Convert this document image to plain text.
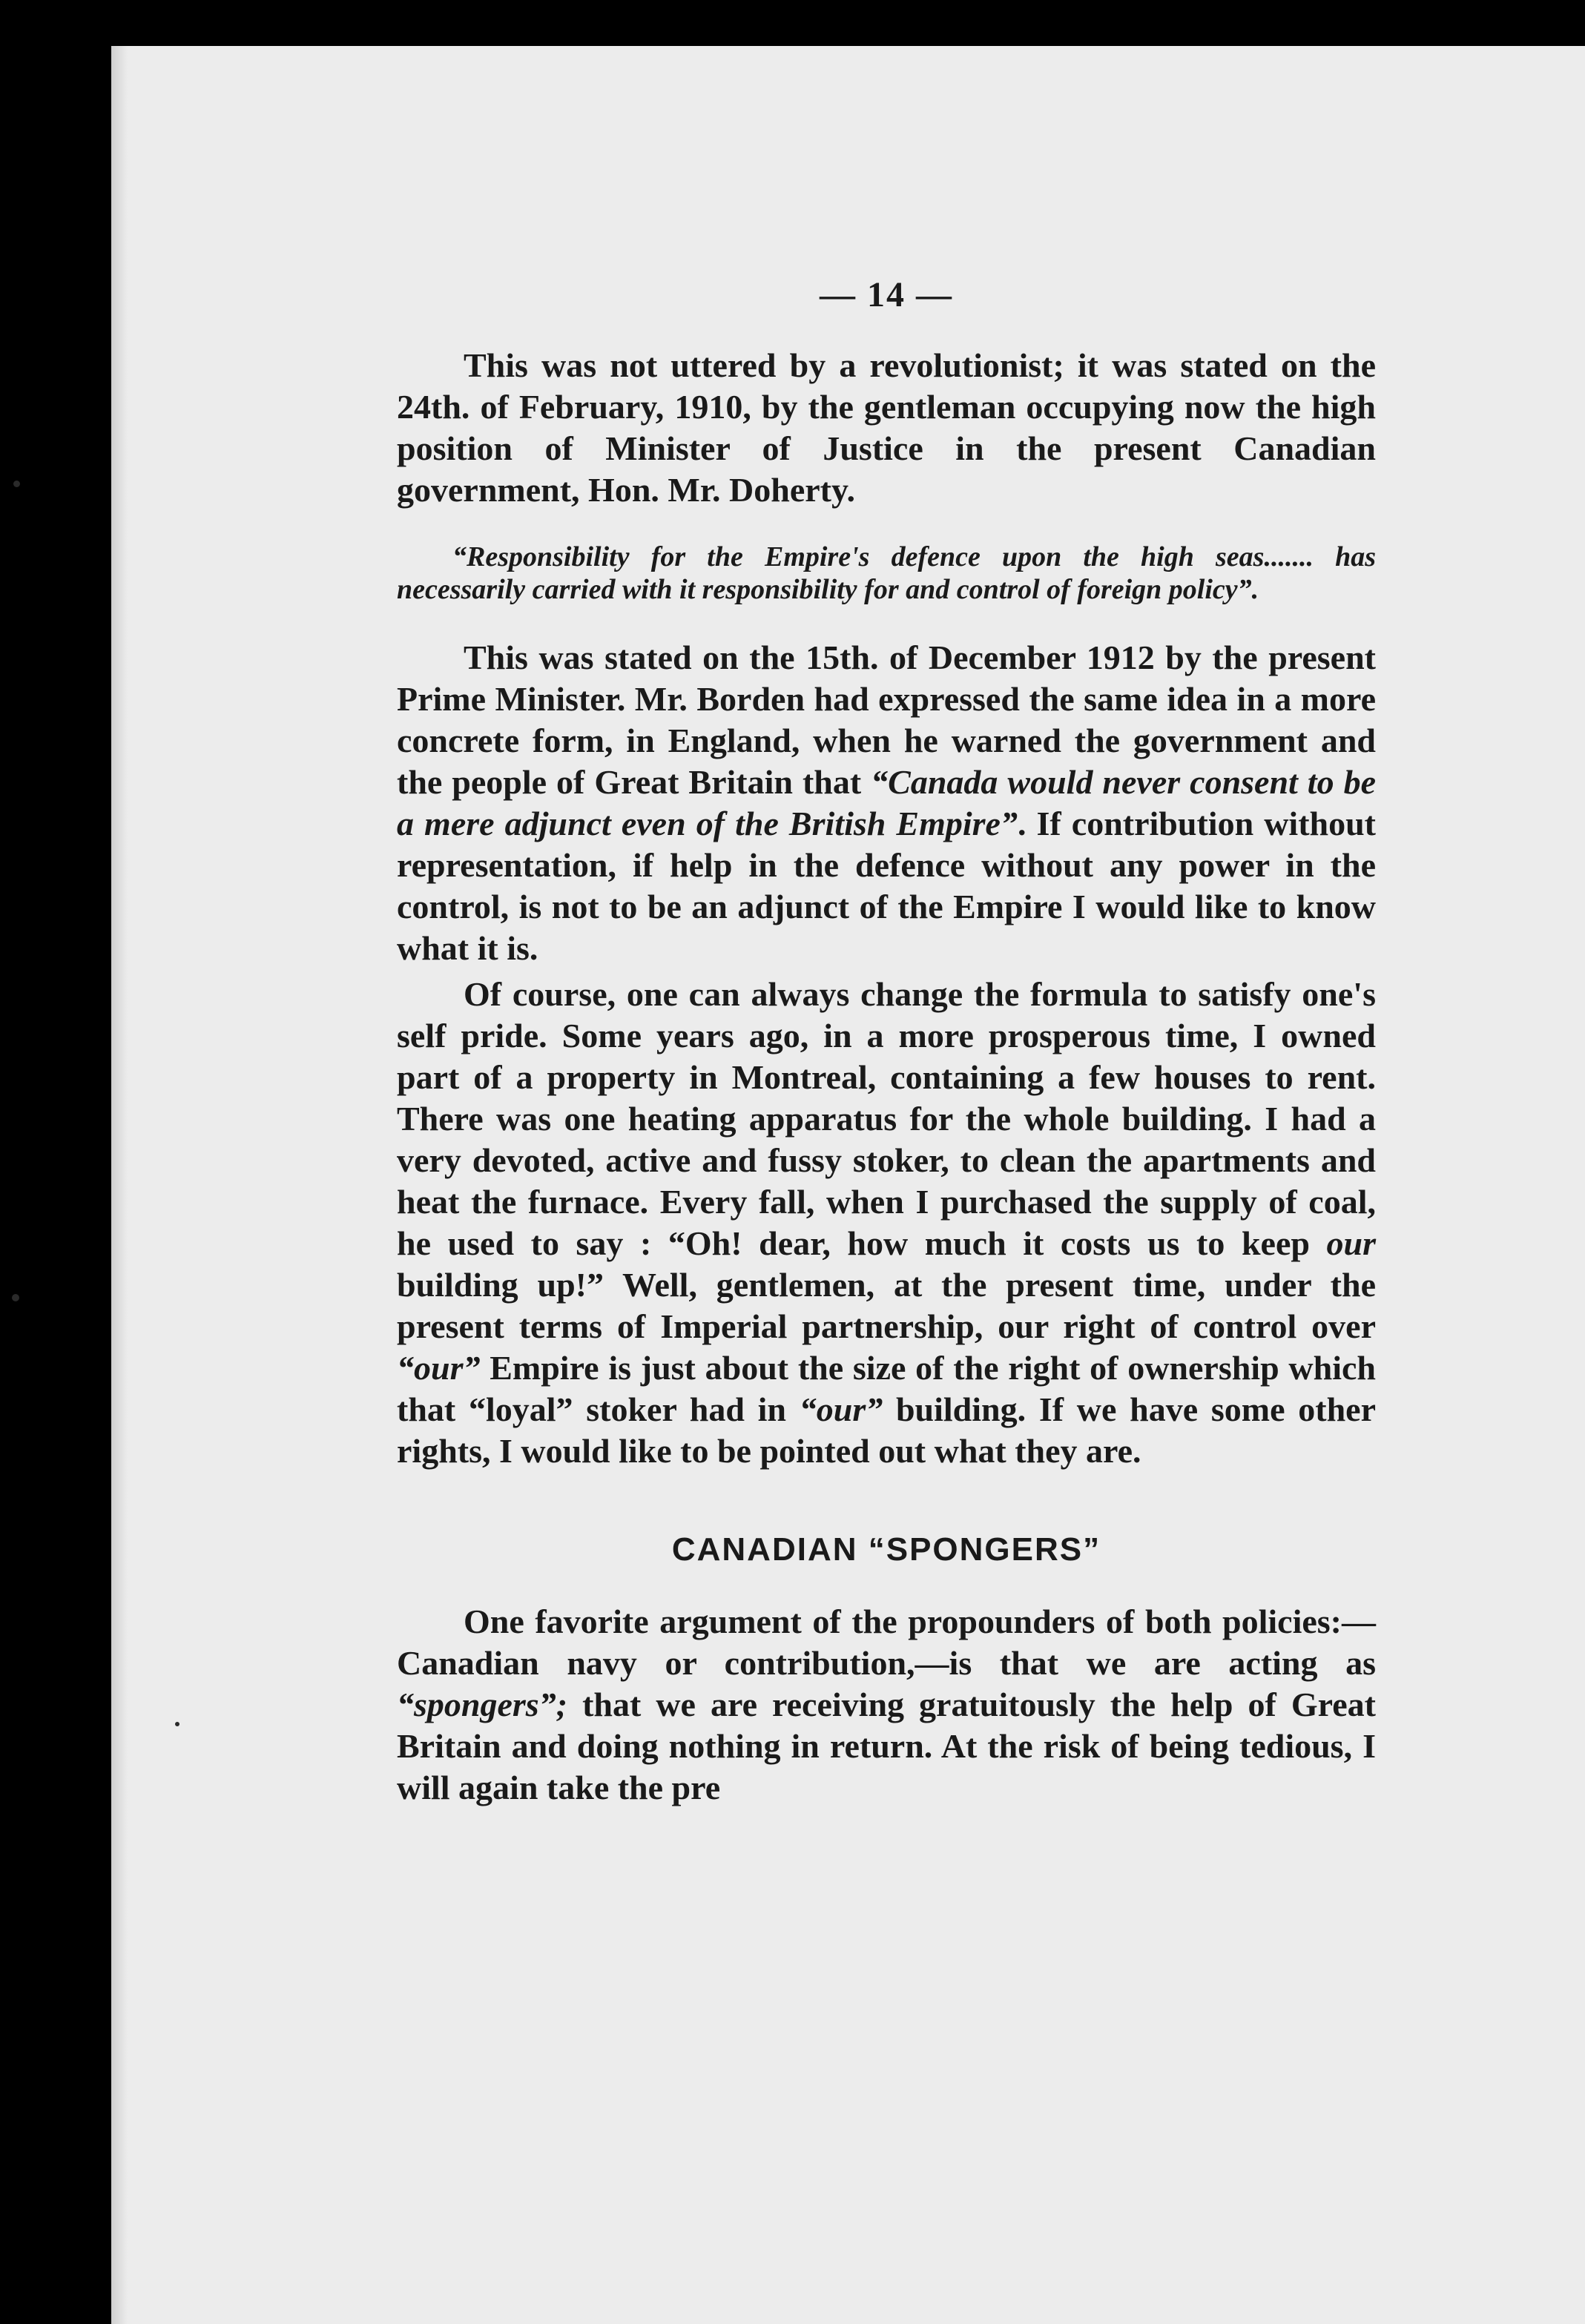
— 14 —

This was not uttered by a revolutionist; it was stated on the 24th. of February, 1910, by the gentleman occupying now the high position of Minister of Justice in the present Canadian government, Hon. Mr. Doherty.

“Responsibility for the Empire's defence upon the high seas....... has necessarily carried with it responsibility for and control of foreign policy”.

This was stated on the 15th. of December 1912 by the present Prime Minister. Mr. Borden had expressed the same idea in a more concrete form, in England, when he warned the government and the people of Great Britain that “Canada would never consent to be a mere adjunct even of the British Empire”. If contribution without representation, if help in the defence without any power in the control, is not to be an adjunct of the Empire I would like to know what it is.

Of course, one can always change the formula to satisfy one's self pride. Some years ago, in a more prosperous time, I owned part of a property in Montreal, containing a few houses to rent. There was one heating apparatus for the whole building. I had a very devoted, active and fussy stoker, to clean the apartments and heat the furnace. Every fall, when I purchased the supply of coal, he used to say : “Oh! dear, how much it costs us to keep our building up!” Well, gentlemen, at the present time, under the present terms of Imperial partnership, our right of control over “our” Empire is just about the size of the right of ownership which that “loyal” stoker had in “our” building. If we have some other rights, I would like to be pointed out what they are.

CANADIAN “SPONGERS”

One favorite argument of the propounders of both policies:—Canadian navy or contribution,—is that we are acting as “spongers”; that we are receiving gratuitously the help of Great Britain and doing nothing in return. At the risk of being tedious, I will again take the pre
